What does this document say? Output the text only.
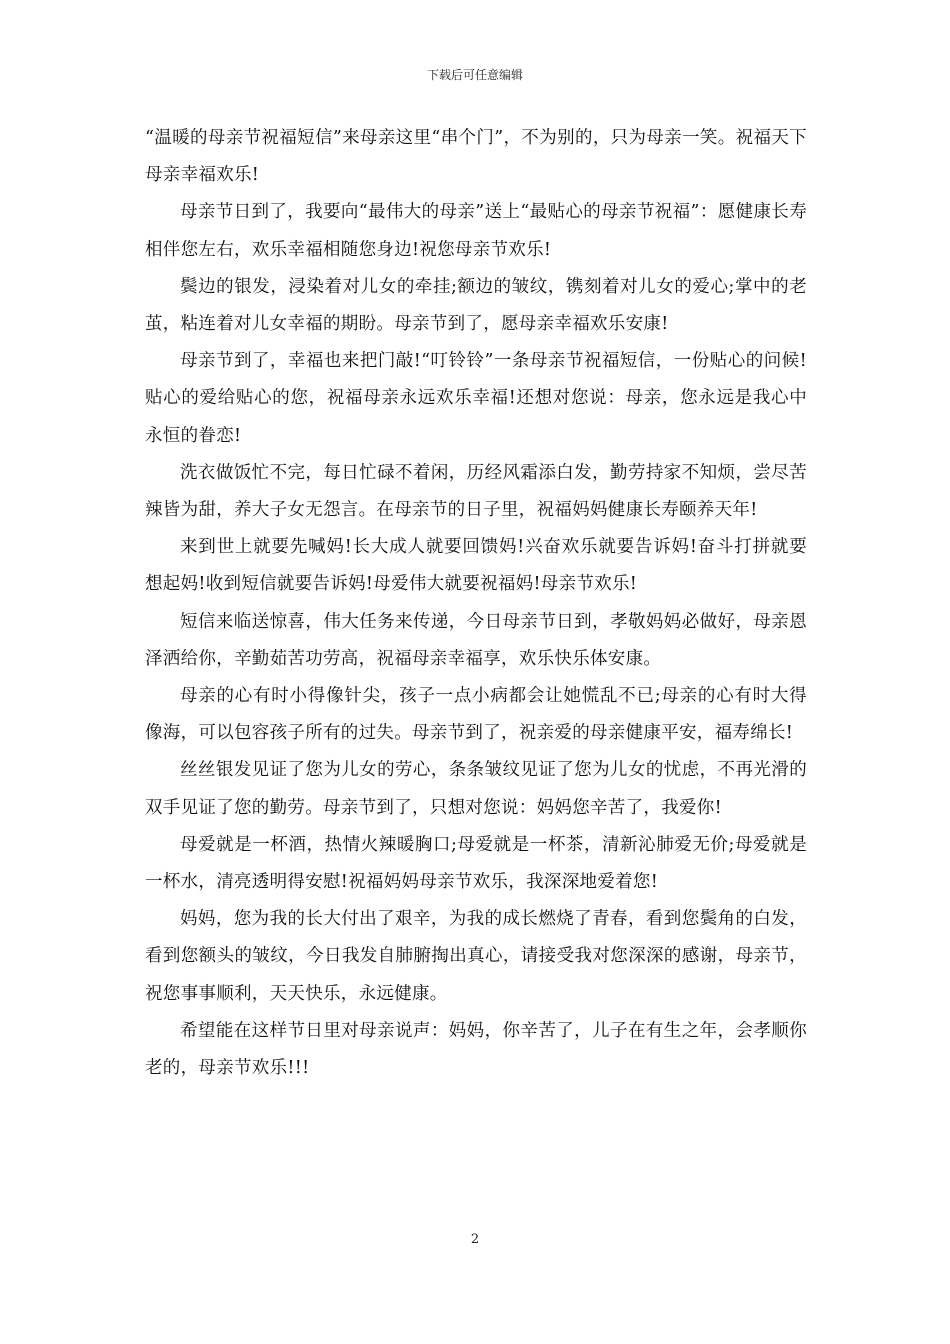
下载后可任意编辑

“温暖的母亲节祝福短信”来母亲这里“串个门”，不为别的，只为母亲一笑。祝福天下母亲幸福欢乐!

母亲节日到了，我要向“最伟大的母亲”送上“最贴心的母亲节祝福”：愿健康长寿相伴您左右，欢乐幸福相随您身边!祝您母亲节欢乐!

鬓边的银发，浸染着对儿女的牵挂;额边的皱纹，镌刻着对儿女的爱心;掌中的老茧，粘连着对儿女幸福的期盼。母亲节到了，愿母亲幸福欢乐安康!

母亲节到了，幸福也来把门敲!“叮铃铃”一条母亲节祝福短信，一份贴心的问候!贴心的爱给贴心的您，祝福母亲永远欢乐幸福!还想对您说：母亲，您永远是我心中永恒的眷恋!

洗衣做饭忙不完，每日忙碌不着闲，历经风霜添白发，勤劳持家不知烦，尝尽苦辣皆为甜，养大子女无怨言。在母亲节的日子里，祝福妈妈健康长寿颐养天年!

来到世上就要先喊妈!长大成人就要回馈妈!兴奋欢乐就要告诉妈!奋斗打拼就要想起妈!收到短信就要告诉妈!母爱伟大就要祝福妈!母亲节欢乐!

短信来临送惊喜，伟大任务来传递，今日母亲节日到，孝敬妈妈必做好，母亲恩泽洒给你，辛勤茹苦功劳高，祝福母亲幸福享，欢乐快乐体安康。

母亲的心有时小得像针尖，孩子一点小病都会让她慌乱不已;母亲的心有时大得像海，可以包容孩子所有的过失。母亲节到了，祝亲爱的母亲健康平安，福寿绵长!

丝丝银发见证了您为儿女的劳心，条条皱纹见证了您为儿女的忧虑，不再光滑的双手见证了您的勤劳。母亲节到了，只想对您说：妈妈您辛苦了，我爱你!

母爱就是一杯酒，热情火辣暖胸口;母爱就是一杯茶，清新沁肺爱无价;母爱就是一杯水，清亮透明得安慰!祝福妈妈母亲节欢乐，我深深地爱着您!

妈妈，您为我的长大付出了艰辛，为我的成长燃烧了青春，看到您鬓角的白发，看到您额头的皱纹，今日我发自肺腑掏出真心，请接受我对您深深的感谢，母亲节，祝您事事顺利，天天快乐，永远健康。

希望能在这样节日里对母亲说声：妈妈，你辛苦了，儿子在有生之年，会孝顺你老的，母亲节欢乐!!!

2
